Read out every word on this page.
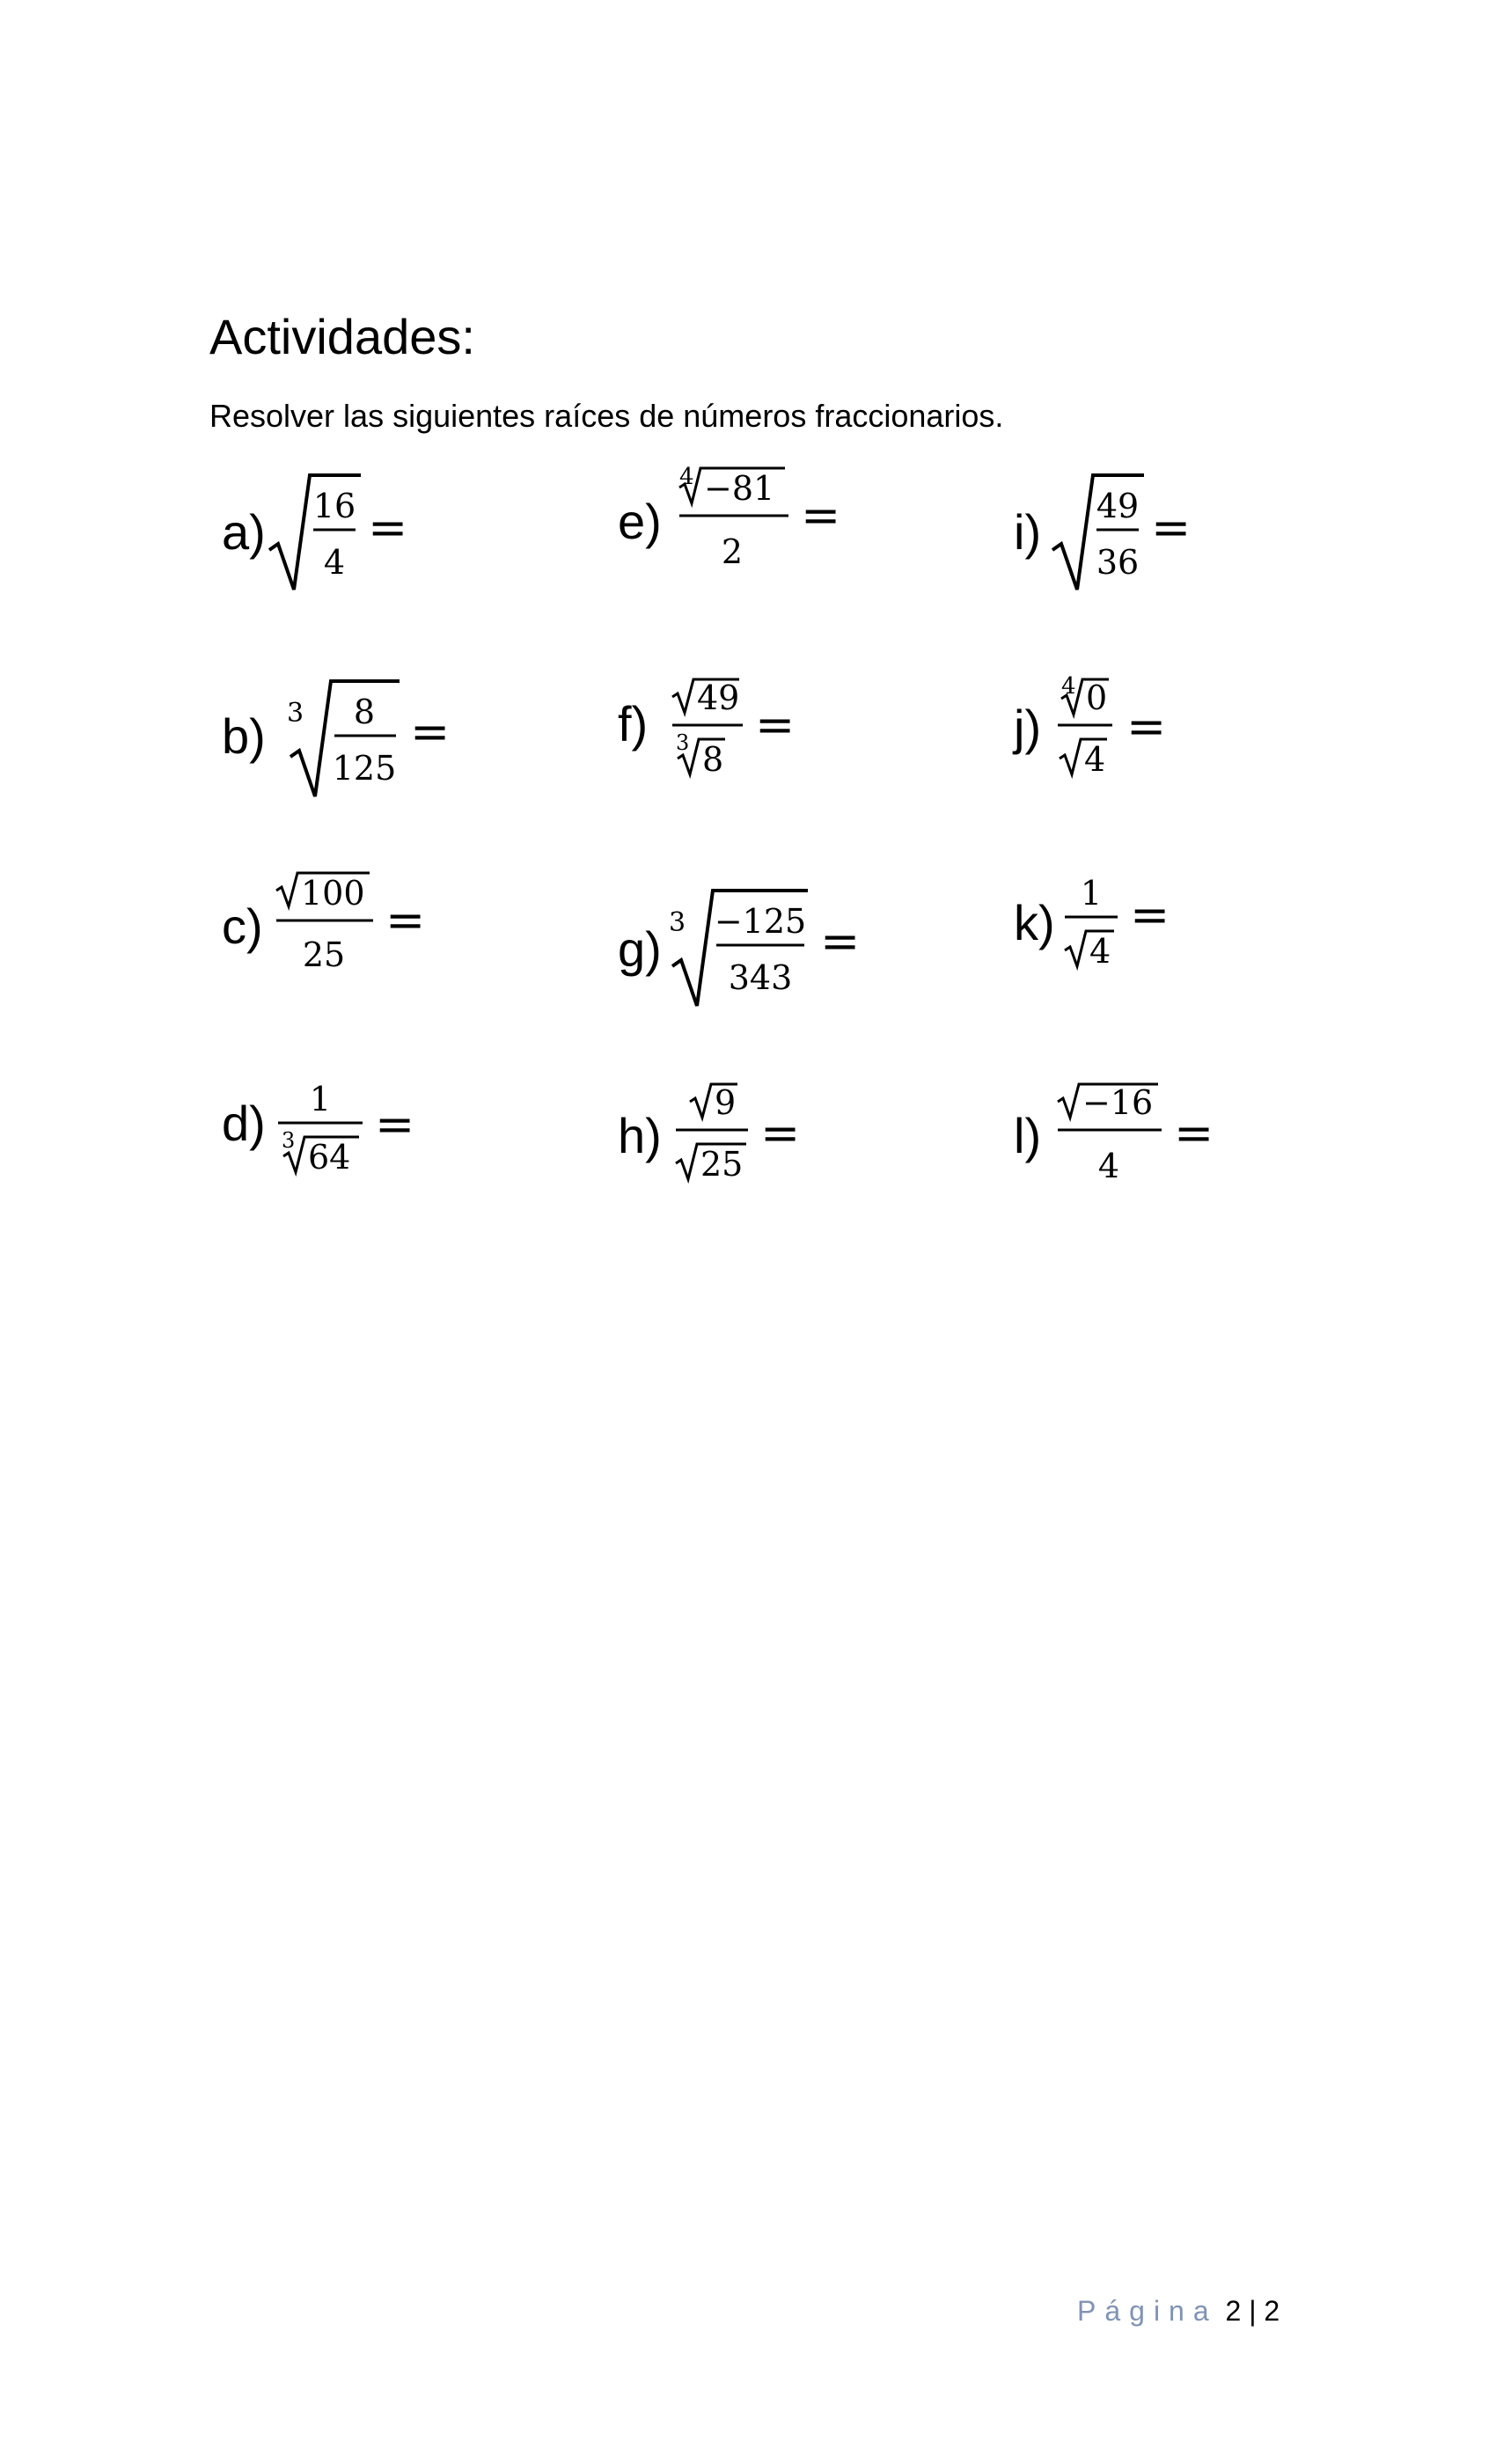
Actividades:
Resolver las siguientes raíces de números fraccionarios.
a) 16
4
=
b) 3 8
125
=
c)
100
25
=
d) 1
3 64
=
e)
4 −81
2
=
f) 49
3 8
=
g) 3 −125
343
=
h)
9
25
=
i) 49
36
=
j)
4 0
4
=
k)
1
4
=
l)
−16
4
=
Página 2 | 2
